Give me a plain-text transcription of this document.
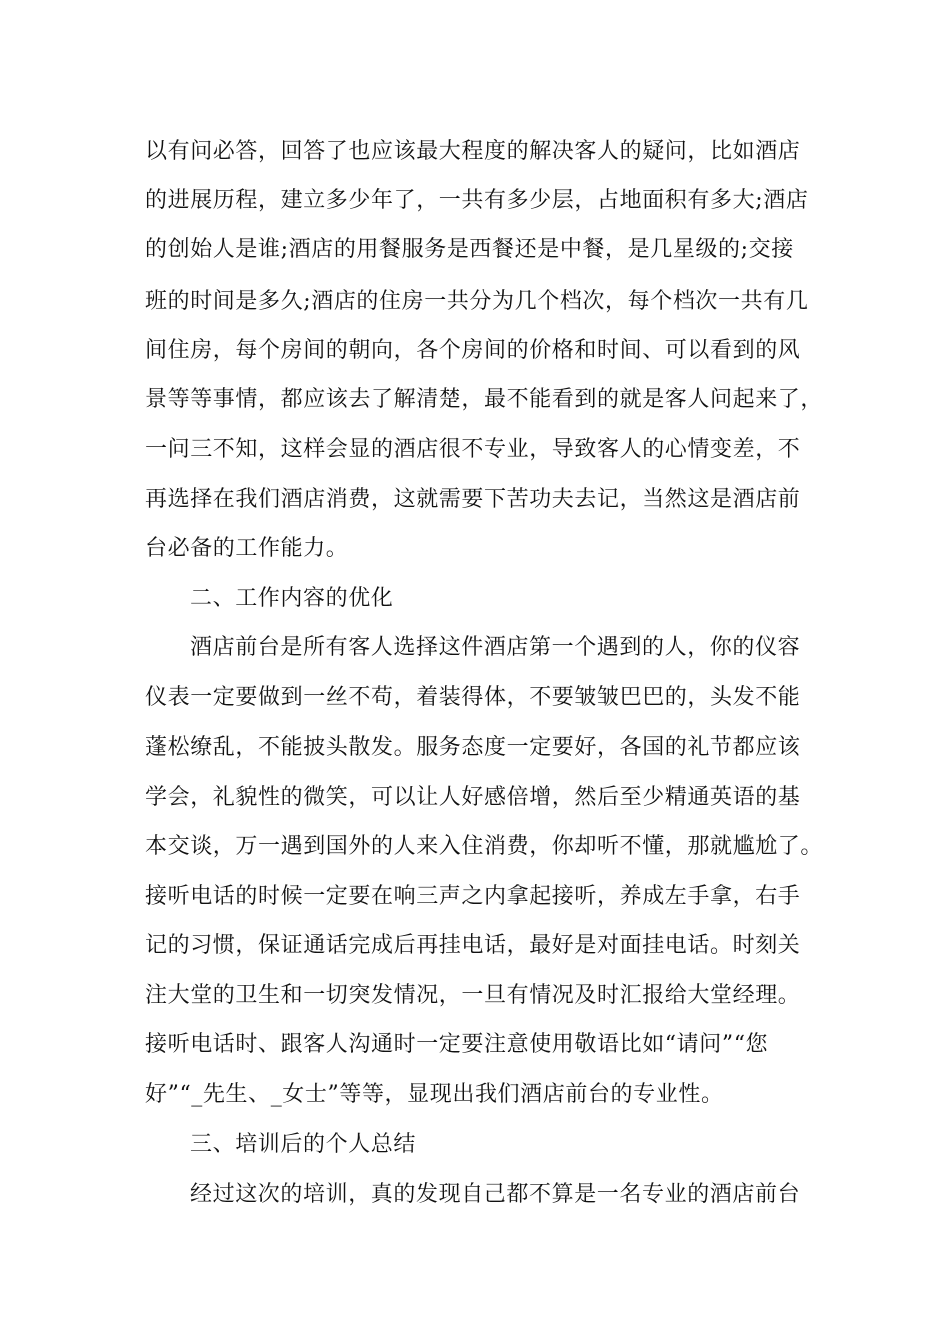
以有问必答，回答了也应该最大程度的解决客人的疑问，比如酒店
的进展历程，建立多少年了，一共有多少层，占地面积有多大;酒店
的创始人是谁;酒店的用餐服务是西餐还是中餐，是几星级的;交接
班的时间是多久;酒店的住房一共分为几个档次，每个档次一共有几
间住房，每个房间的朝向，各个房间的价格和时间、可以看到的风
景等等事情，都应该去了解清楚，最不能看到的就是客人问起来了，
一问三不知，这样会显的酒店很不专业，导致客人的心情变差，不
再选择在我们酒店消费，这就需要下苦功夫去记，当然这是酒店前
台必备的工作能力。
二、工作内容的优化
酒店前台是所有客人选择这件酒店第一个遇到的人，你的仪容
仪表一定要做到一丝不苟，着装得体，不要皱皱巴巴的，头发不能
蓬松缭乱，不能披头散发。服务态度一定要好，各国的礼节都应该
学会，礼貌性的微笑，可以让人好感倍增，然后至少精通英语的基
本交谈，万一遇到国外的人来入住消费，你却听不懂，那就尴尬了。
接听电话的时候一定要在响三声之内拿起接听，养成左手拿，右手
记的习惯，保证通话完成后再挂电话，最好是对面挂电话。时刻关
注大堂的卫生和一切突发情况，一旦有情况及时汇报给大堂经理。
接听电话时、跟客人沟通时一定要注意使用敬语比如“请问”“您
好”“_先生、_女士”等等，显现出我们酒店前台的专业性。
三、培训后的个人总结
经过这次的培训，真的发现自己都不算是一名专业的酒店前台
